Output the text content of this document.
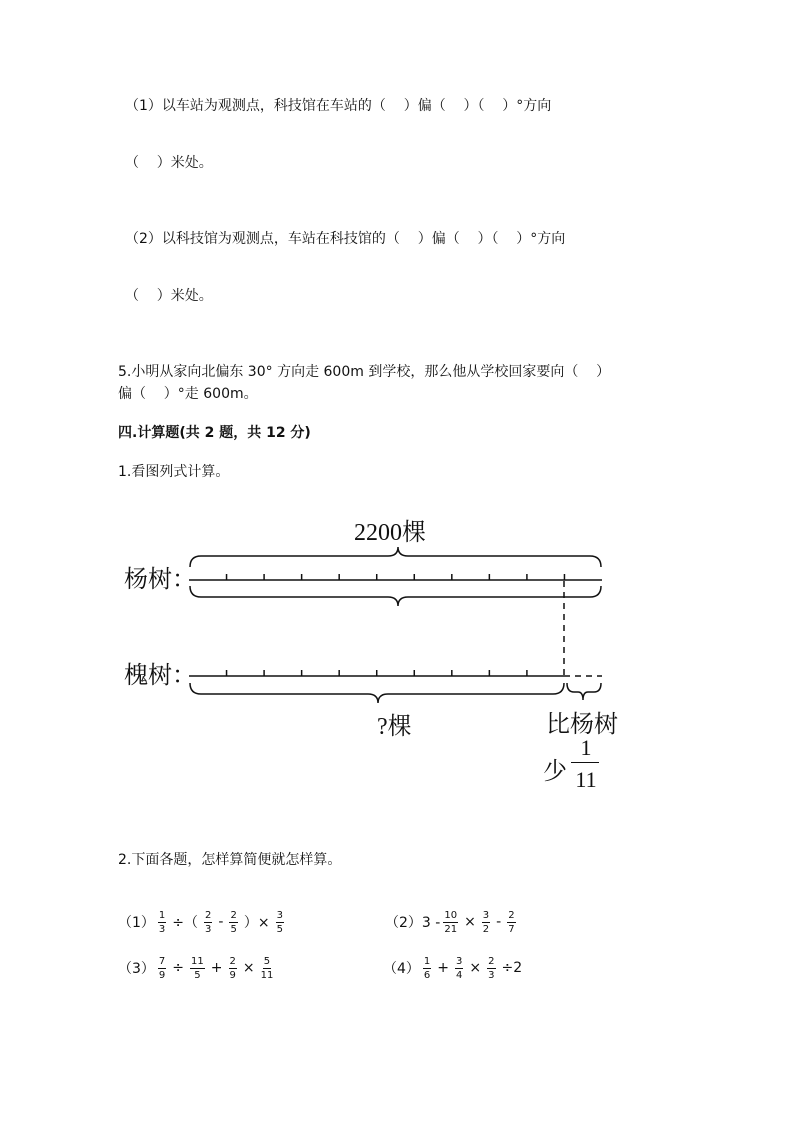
（1）以车站为观测点，科技馆在车站的（    ）偏（    ）（    ）°方向
（    ）米处。
（2）以科技馆为观测点，车站在科技馆的（    ）偏（    ）（    ）°方向
（    ）米处。
5.小明从家向北偏东 30° 方向走 600m 到学校，那么他从学校回家要向（    ）
偏（    ）°走 600m。
四.计算题(共 2 题，共 12 分)
1.看图列式计算。
2200棵
杨树：
槐树：
?棵	比杨树
少
1
11
2.下面各题，怎样算简便就怎样算。
$(1) \frac{1}{3}$ ÷（ $\frac{2}{3} - \frac{2}{5}$ ）× $\frac{3}{5}$	$(2)3 - \frac{10}{21} \times \frac{3}{2} - \frac{2}{7}$
$(3) \frac{7}{9} \div \frac{11}{5} + \frac{2}{9} \times \frac{5}{11}$	$(4) \frac{1}{6} + \frac{3}{4} \times \frac{2}{3} \div 2$
